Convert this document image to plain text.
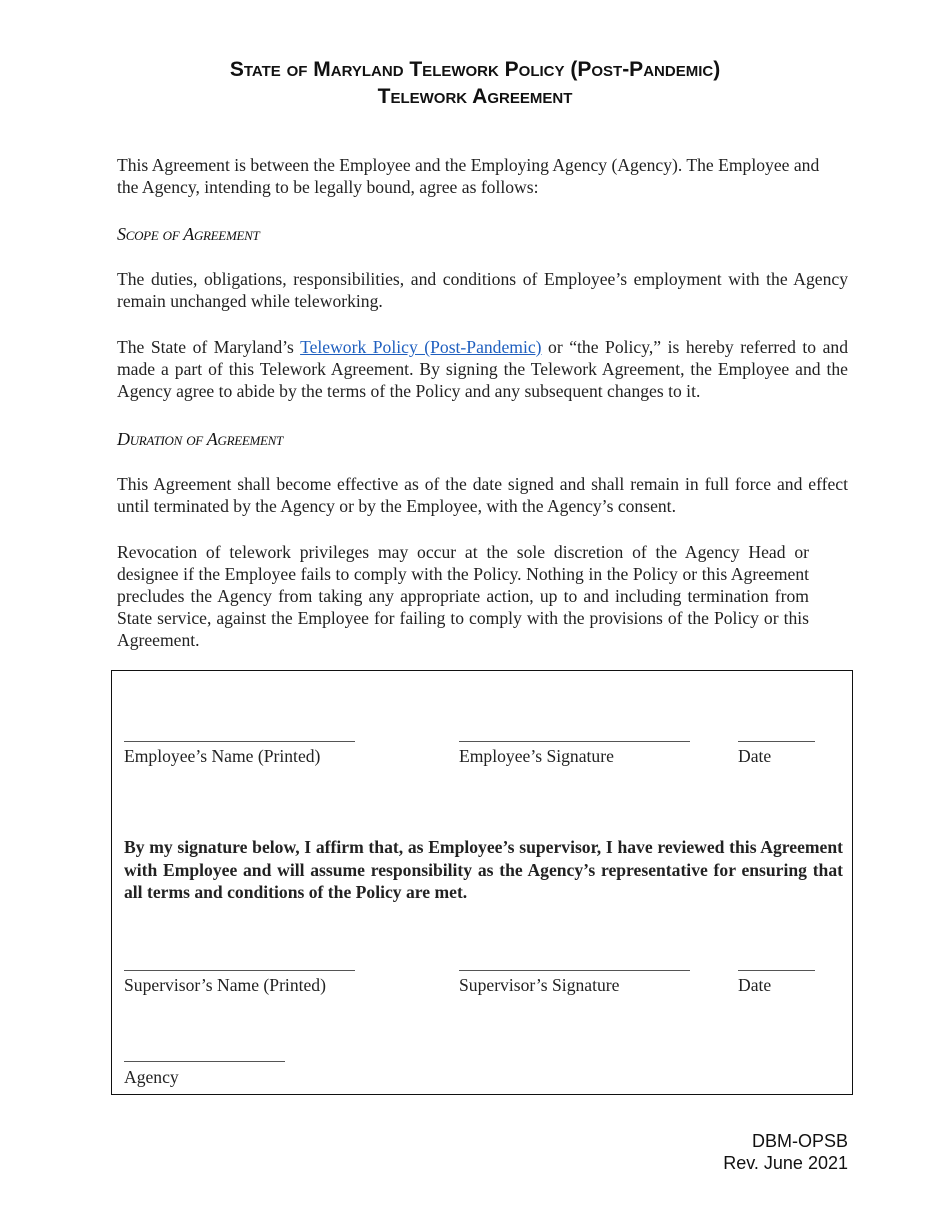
State of Maryland Telework Policy (Post-Pandemic)
Telework Agreement

This Agreement is between the Employee and the Employing Agency (Agency). The Employee and the Agency, intending to be legally bound, agree as follows:

Scope of Agreement

The duties, obligations, responsibilities, and conditions of Employee’s employment with the Agency remain unchanged while teleworking.

The State of Maryland’s Telework Policy (Post-Pandemic) or “the Policy,” is hereby referred to and made a part of this Telework Agreement. By signing the Telework Agreement, the Employee and the Agency agree to abide by the terms of the Policy and any subsequent changes to it.

Duration of Agreement

This Agreement shall become effective as of the date signed and shall remain in full force and effect until terminated by the Agency or by the Employee, with the Agency’s consent.

Revocation of telework privileges may occur at the sole discretion of the Agency Head or designee if the Employee fails to comply with the Policy. Nothing in the Policy or this Agreement precludes the Agency from taking any appropriate action, up to and including termination from State service, against the Employee for failing to comply with the provisions of the Policy or this Agreement.

Employee’s Name (Printed)	Employee’s Signature	Date
By my signature below, I affirm that, as Employee’s supervisor, I have reviewed this Agreement with Employee and will assume responsibility as the Agency’s representative for ensuring that all terms and conditions of the Policy are met.
Supervisor’s Name (Printed)	Supervisor’s Signature	Date
Agency
DBM-OPSB
Rev. June 2021
